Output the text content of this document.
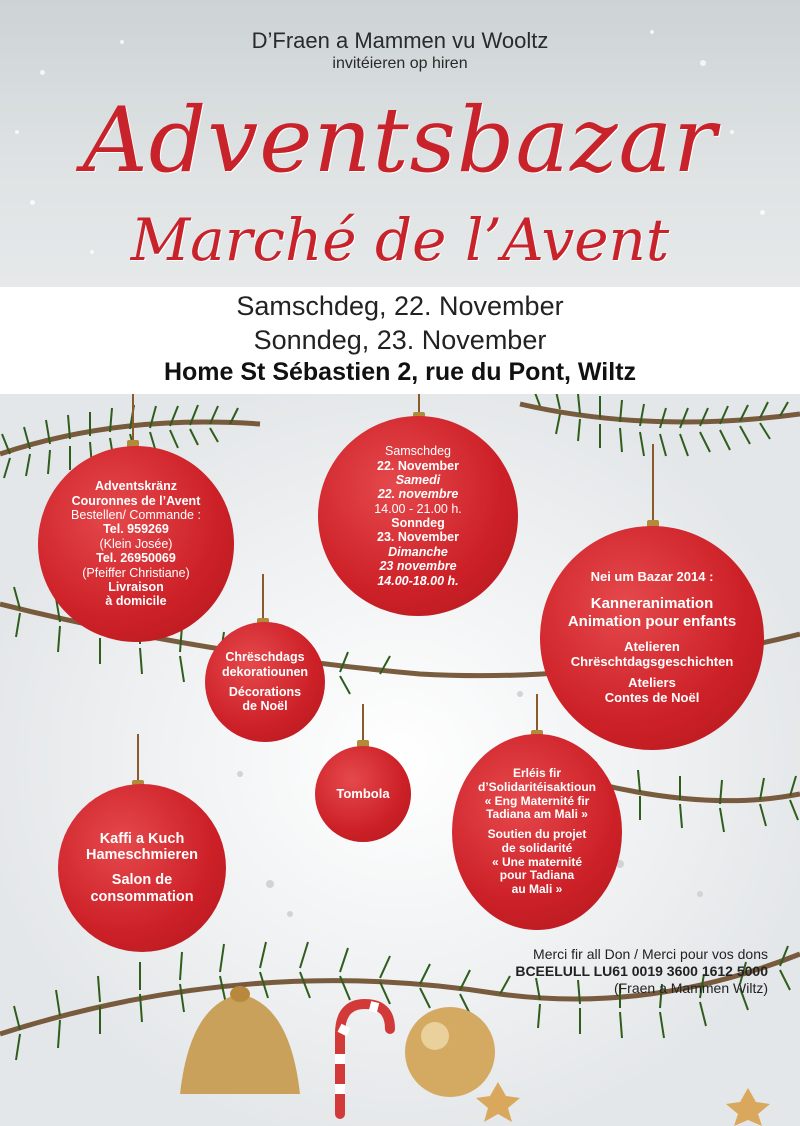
D’Fraen a Mammen vu Wooltz
invitéieren op hiren
Adventsbazar
Marché de l’Avent
Samschdeg, 22. November
Sonndeg, 23. November
Home St Sébastien 2, rue du Pont, Wiltz
Adventskränz
Couronnes de l’Avent
Bestellen/ Commande :
Tel. 959269
(Klein Josée)
Tel. 26950069
(Pfeiffer Christiane)
Livraison
à domicile
Samschdeg
22. November
Samedi
22. novembre
14.00 - 21.00 h.
Sonndeg
23. November
Dimanche
23 novembre
14.00-18.00 h.	Nei um Bazar 2014 :
Kanneranimation
Animation pour enfants
Atelieren
Chrëschtdagsgeschichten
Ateliers
Contes de Noël
Chrëschdags
dekoratiounen
Décorations
de Noël
Tombola
Kaffi a Kuch
Hameschmieren
Salon de
consommation
Erléis fir
d’Solidaritéisaktioun
« Eng Maternité fir
Tadiana am Mali »
Soutien du projet
de solidarité
« Une maternité
pour Tadiana
au Mali »
Merci fir all Don / Merci pour vos dons
BCEELULL LU61 0019 3600 1612 5000
(Fraen a Mammen Wiltz)
